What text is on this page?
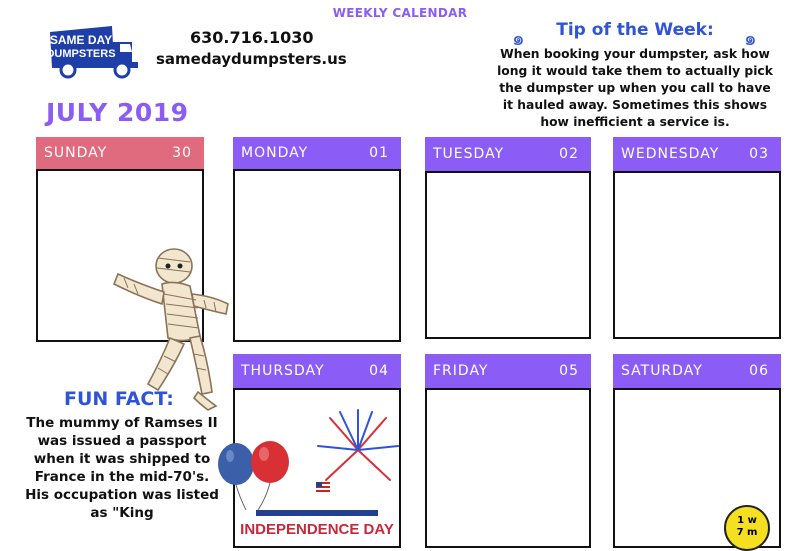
WEEKLY CALENDAR
SAME DAY
DUMPSTERS
630.716.1030
samedaydumpsters.us
๑	๑
Tip of the Week:
When booking your dumpster, ask how long it would take them to actually pick the dumpster up when you call to have it hauled away. Sometimes this shows how inefficient a service is.
JULY 2019
SUNDAY	30	MONDAY	01	TUESDAY	02	WEDNESDAY 03
THURSDAY	04	FRIDAY	05	SATURDAY	06
INDEPENDENCE DAY
FUN FACT:
The mummy of Ramses II was issued a passport when it was shipped to France in the mid-70's. His occupation was listed as "King	1 w
7 m
